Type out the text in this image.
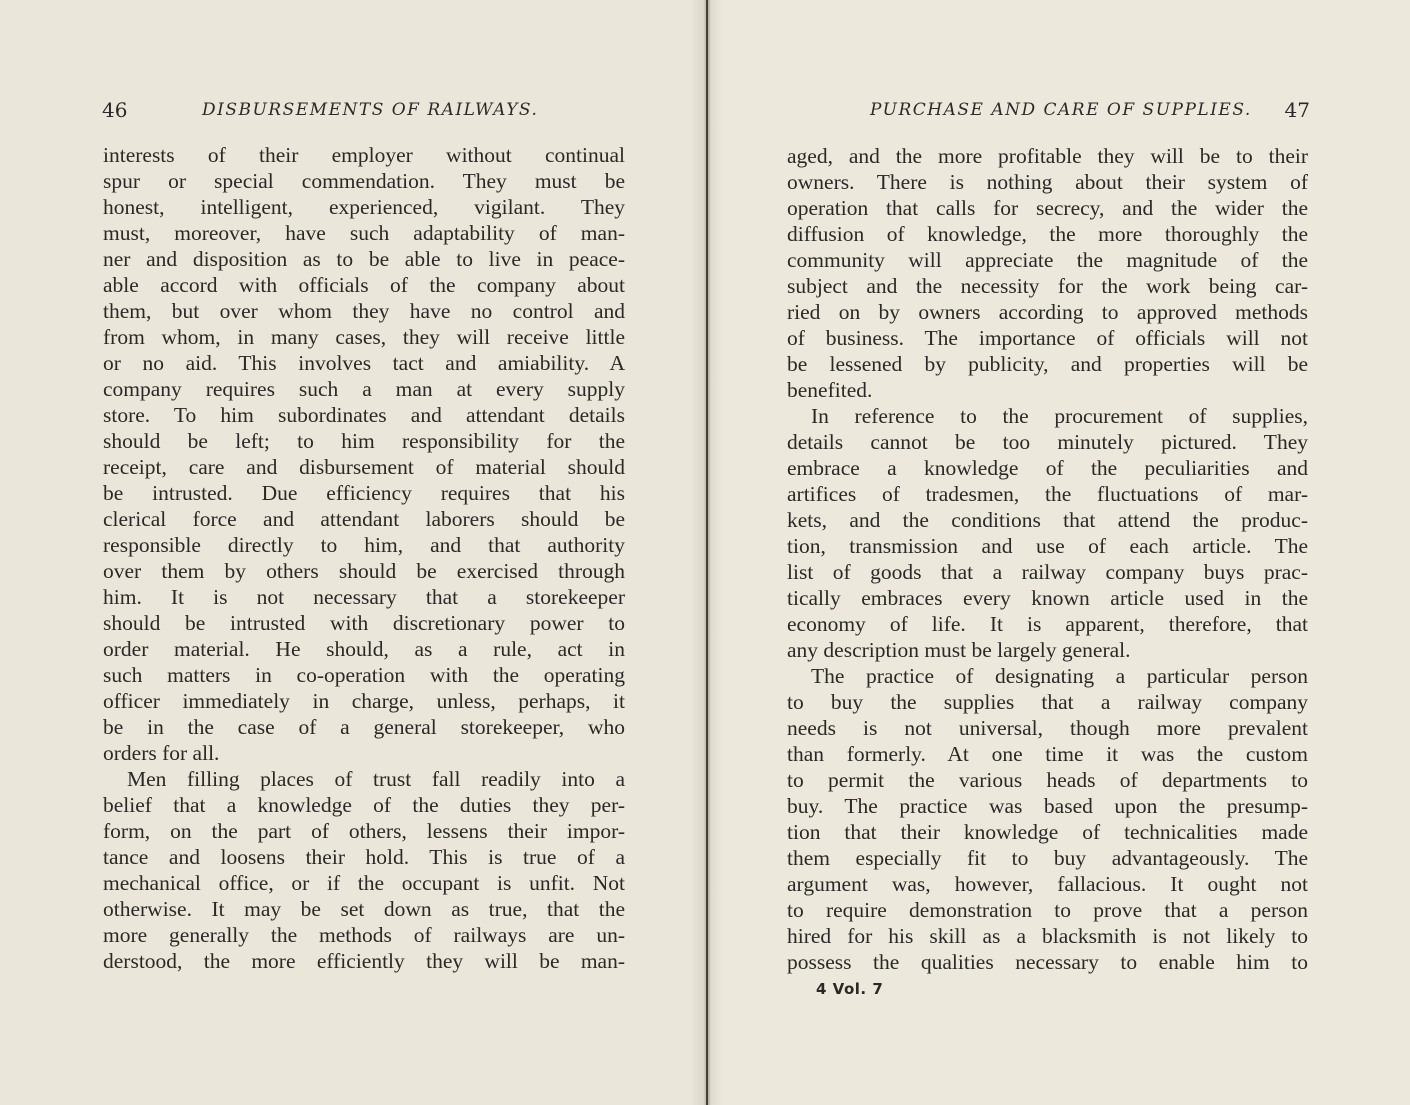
46	DISBURSEMENTS OF RAILWAYS.
interests of their employer without continual
spur or special commendation. They must be
honest, intelligent, experienced, vigilant. They
must, moreover, have such adaptability of man-
ner and disposition as to be able to live in peace-
able accord with officials of the company about
them, but over whom they have no control and
from whom, in many cases, they will receive little
or no aid. This involves tact and amiability. A
company requires such a man at every supply
store. To him subordinates and attendant details
should be left; to him responsibility for the
receipt, care and disbursement of material should
be intrusted. Due efficiency requires that his
clerical force and attendant laborers should be
responsible directly to him, and that authority
over them by others should be exercised through
him. It is not necessary that a storekeeper
should be intrusted with discretionary power to
order material. He should, as a rule, act in
such matters in co-operation with the operating
officer immediately in charge, unless, perhaps, it
be in the case of a general storekeeper, who
orders for all.
Men filling places of trust fall readily into a
belief that a knowledge of the duties they per-
form, on the part of others, lessens their impor-
tance and loosens their hold. This is true of a
mechanical office, or if the occupant is unfit. Not
otherwise. It may be set down as true, that the
more generally the methods of railways are un-
derstood, the more efficiently they will be man-
PURCHASE AND CARE OF SUPPLIES. 47
aged, and the more profitable they will be to their
owners. There is nothing about their system of
operation that calls for secrecy, and the wider the
diffusion of knowledge, the more thoroughly the
community will appreciate the magnitude of the
subject and the necessity for the work being car-
ried on by owners according to approved methods
of business. The importance of officials will not
be lessened by publicity, and properties will be
benefited.
In reference to the procurement of supplies,
details cannot be too minutely pictured. They
embrace a knowledge of the peculiarities and
artifices of tradesmen, the fluctuations of mar-
kets, and the conditions that attend the produc-
tion, transmission and use of each article. The
list of goods that a railway company buys prac-
tically embraces every known article used in the
economy of life. It is apparent, therefore, that
any description must be largely general.
The practice of designating a particular person
to buy the supplies that a railway company
needs is not universal, though more prevalent
than formerly. At one time it was the custom
to permit the various heads of departments to
buy. The practice was based upon the presump-
tion that their knowledge of technicalities made
them especially fit to buy advantageously. The
argument was, however, fallacious. It ought not
to require demonstration to prove that a person
hired for his skill as a blacksmith is not likely to
possess the qualities necessary to enable him to
4 Vol. 7
